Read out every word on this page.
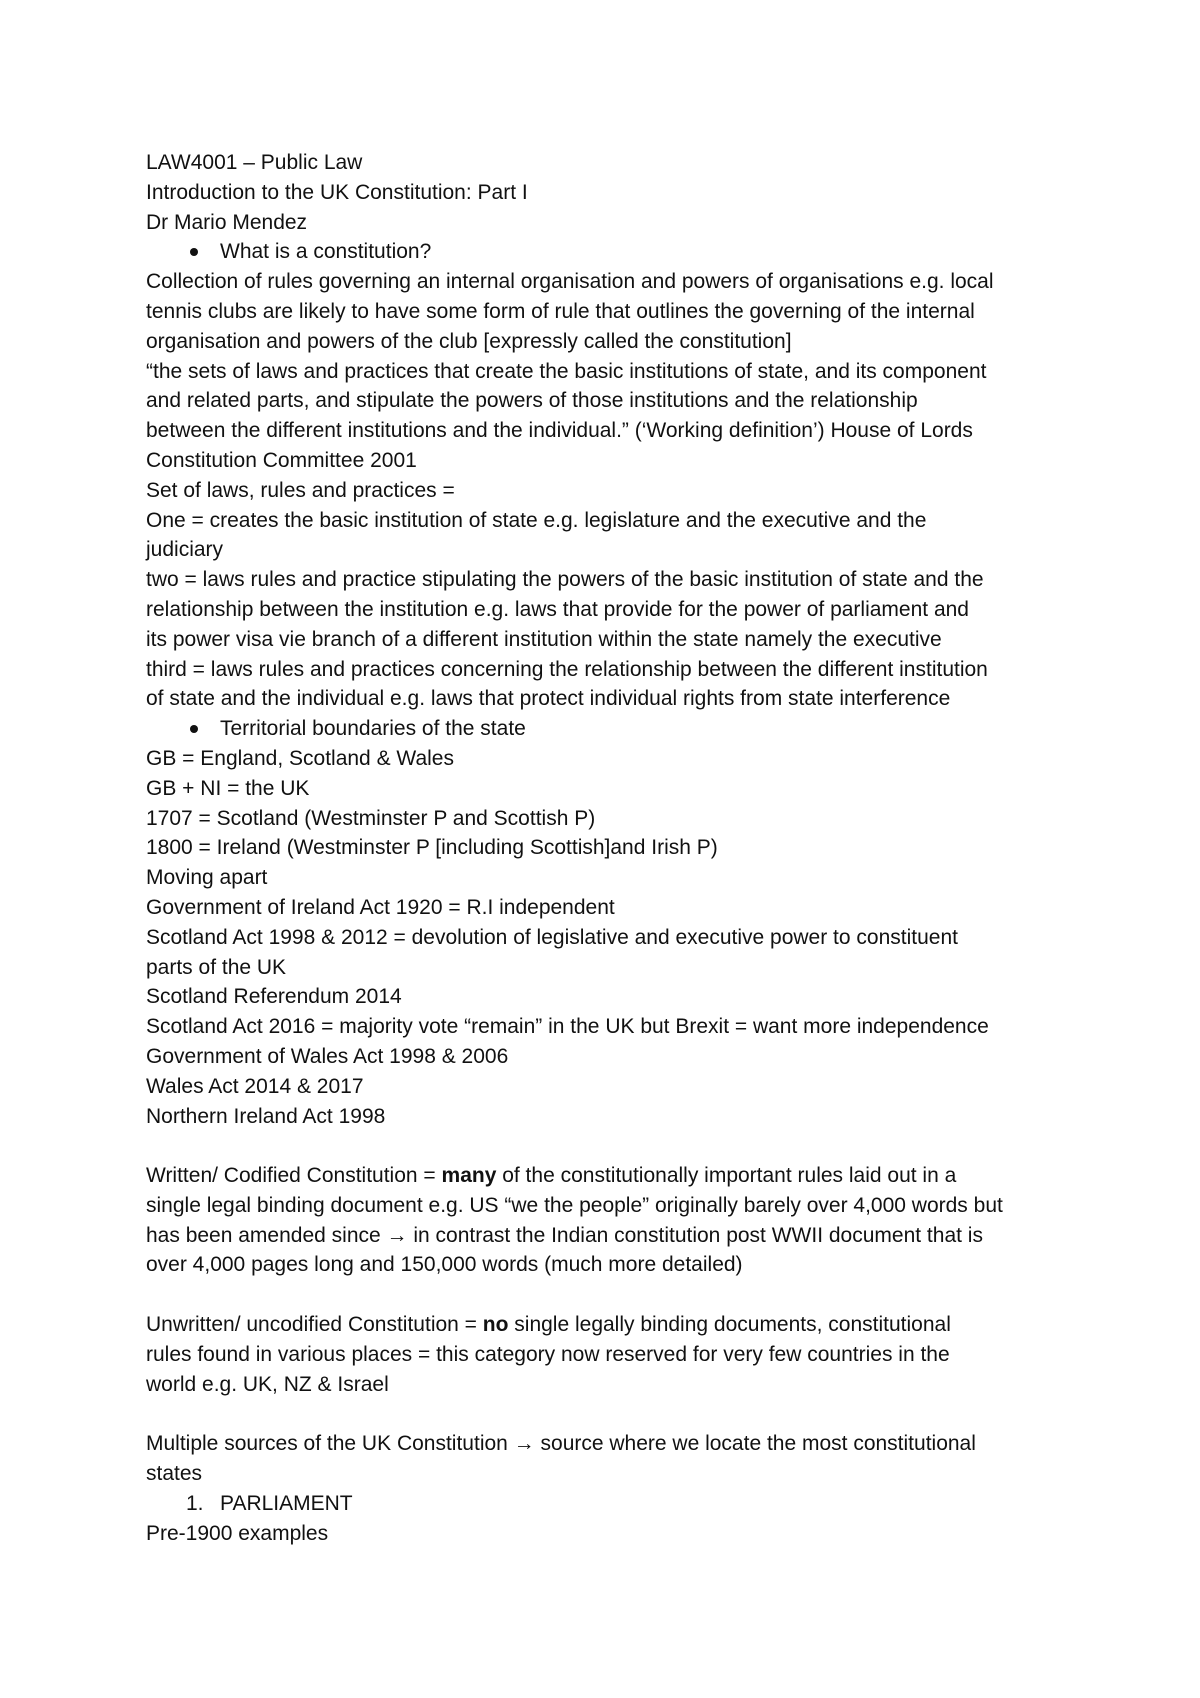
LAW4001 – Public Law

Introduction to the UK Constitution: Part I

Dr Mario Mendez

What is a constitution?

Collection of rules governing an internal organisation and powers of organisations e.g. local

tennis clubs are likely to have some form of rule that outlines the governing of the internal

organisation and powers of the club [expressly called the constitution]

“the sets of laws and practices that create the basic institutions of state, and its component

and related parts, and stipulate the powers of those institutions and the relationship

between the different institutions and the individual.” (‘Working definition’) House of Lords

Constitution Committee 2001

Set of laws, rules and practices =

One = creates the basic institution of state e.g. legislature and the executive and the

judiciary

two = laws rules and practice stipulating the powers of the basic institution of state and the

relationship between the institution e.g. laws that provide for the power of parliament and

its power visa vie branch of a different institution within the state namely the executive

third = laws rules and practices concerning the relationship between the different institution

of state and the individual e.g. laws that protect individual rights from state interference

Territorial boundaries of the state

GB = England, Scotland & Wales

GB + NI = the UK

1707 = Scotland (Westminster P and Scottish P)

1800 = Ireland (Westminster P [including Scottish]and Irish P)

Moving apart

Government of Ireland Act 1920 = R.I independent

Scotland Act 1998 & 2012 = devolution of legislative and executive power to constituent

parts of the UK

Scotland Referendum 2014

Scotland Act 2016 = majority vote “remain” in the UK but Brexit = want more independence

Government of Wales Act 1998 & 2006

Wales Act 2014 & 2017

Northern Ireland Act 1998

Written/ Codified Constitution = many of the constitutionally important rules laid out in a

single legal binding document e.g. US “we the people” originally barely over 4,000 words but

has been amended since → in contrast the Indian constitution post WWII document that is

over 4,000 pages long and 150,000 words (much more detailed)

Unwritten/ uncodified Constitution = no single legally binding documents, constitutional

rules found in various places = this category now reserved for very few countries in the

world e.g. UK, NZ & Israel

Multiple sources of the UK Constitution → source where we locate the most constitutional

states

1. PARLIAMENT

Pre-1900 examples
